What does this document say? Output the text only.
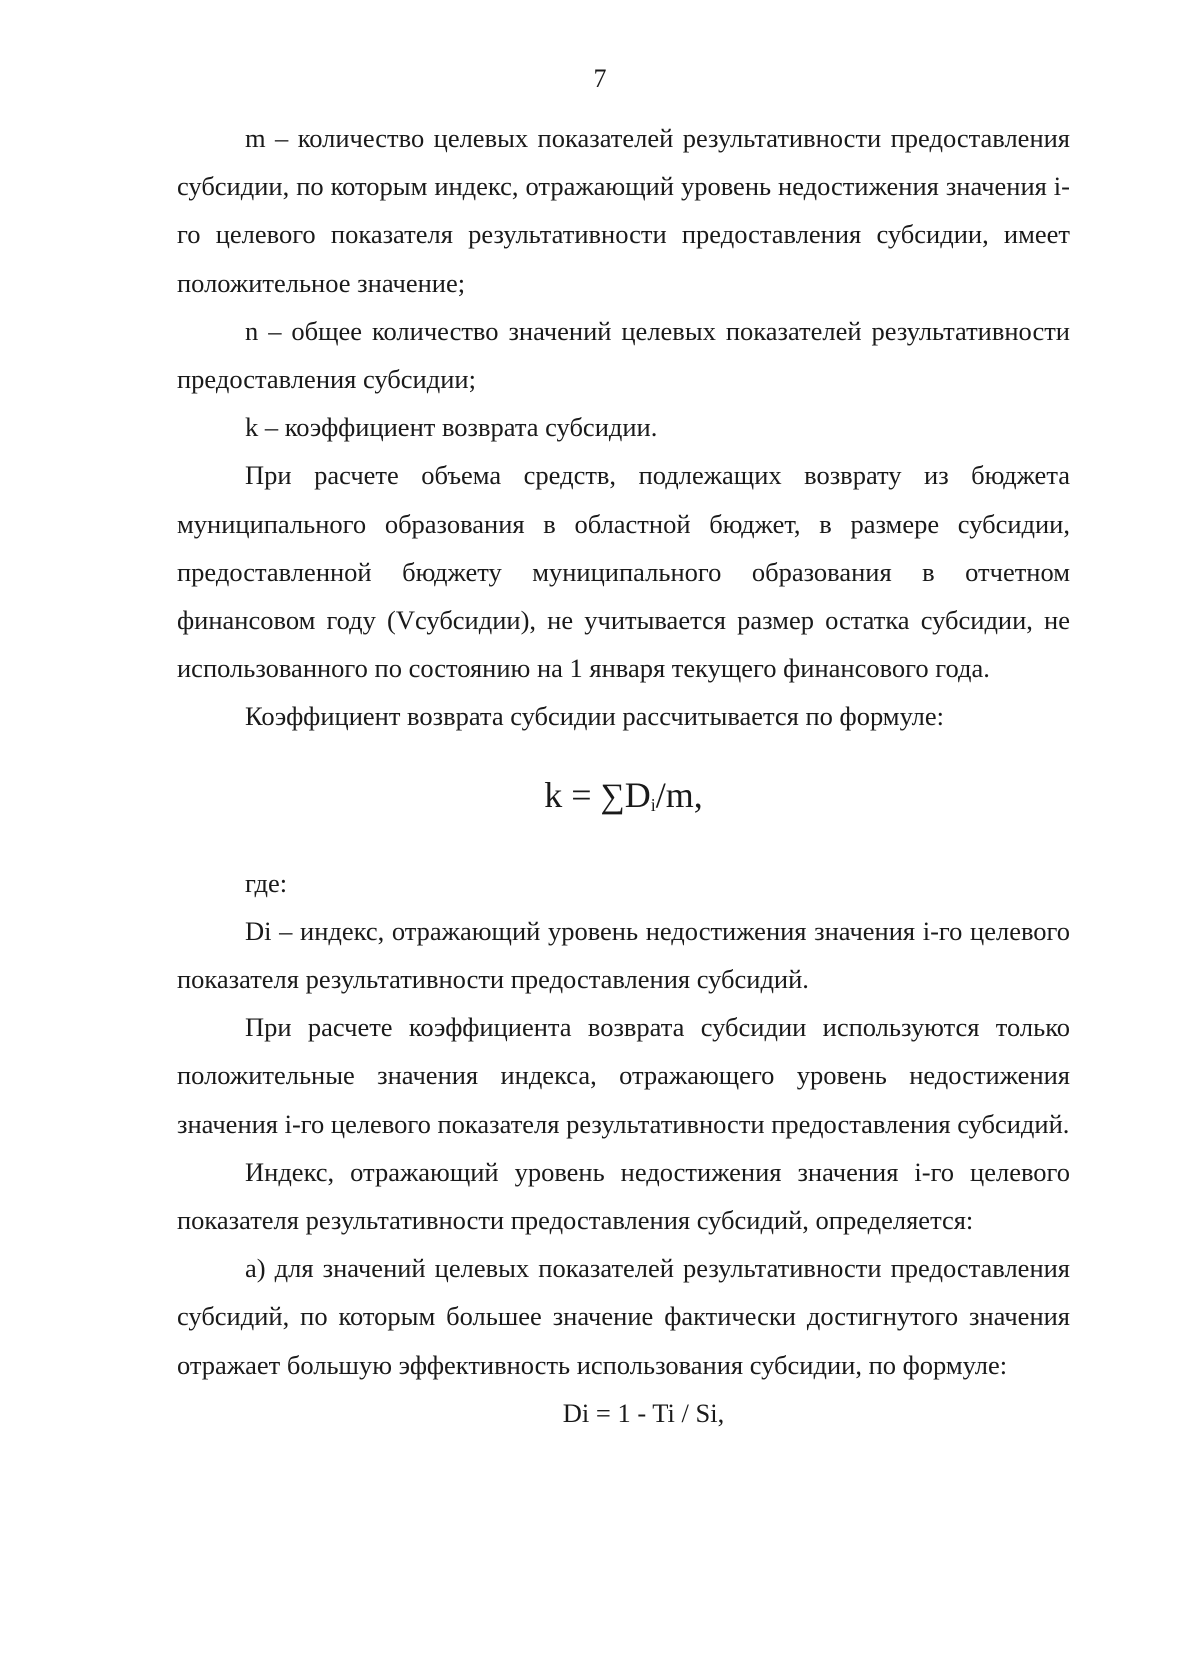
7

m – количество целевых показателей результативности предоставления субсидии, по которым индекс, отражающий уровень недостижения значения i-го целевого показателя результативности предоставления субсидии, имеет положительное значение;

n – общее количество значений целевых показателей результативности предоставления субсидии;

k – коэффициент возврата субсидии.

При расчете объема средств, подлежащих возврату из бюджета муниципального образования в областной бюджет, в размере субсидии, предоставленной бюджету муниципального образования в отчетном финансовом году (Vсубсидии), не учитывается размер остатка субсидии, не использованного по состоянию на 1 января текущего финансового года.

Коэффициент возврата субсидии рассчитывается по формуле:

$k = \sum D_i/m$,

где:

Di – индекс, отражающий уровень недостижения значения i-го целевого показателя результативности предоставления субсидий.

При расчете коэффициента возврата субсидии используются только положительные значения индекса, отражающего уровень недостижения значения i-го целевого показателя результативности предоставления субсидий.

Индекс, отражающий уровень недостижения значения i-го целевого показателя результативности предоставления субсидий, определяется:

а) для значений целевых показателей результативности предоставления субсидий, по которым большее значение фактически достигнутого значения отражает большую эффективность использования субсидии, по формуле:

Di = 1 - Ti / Si,
